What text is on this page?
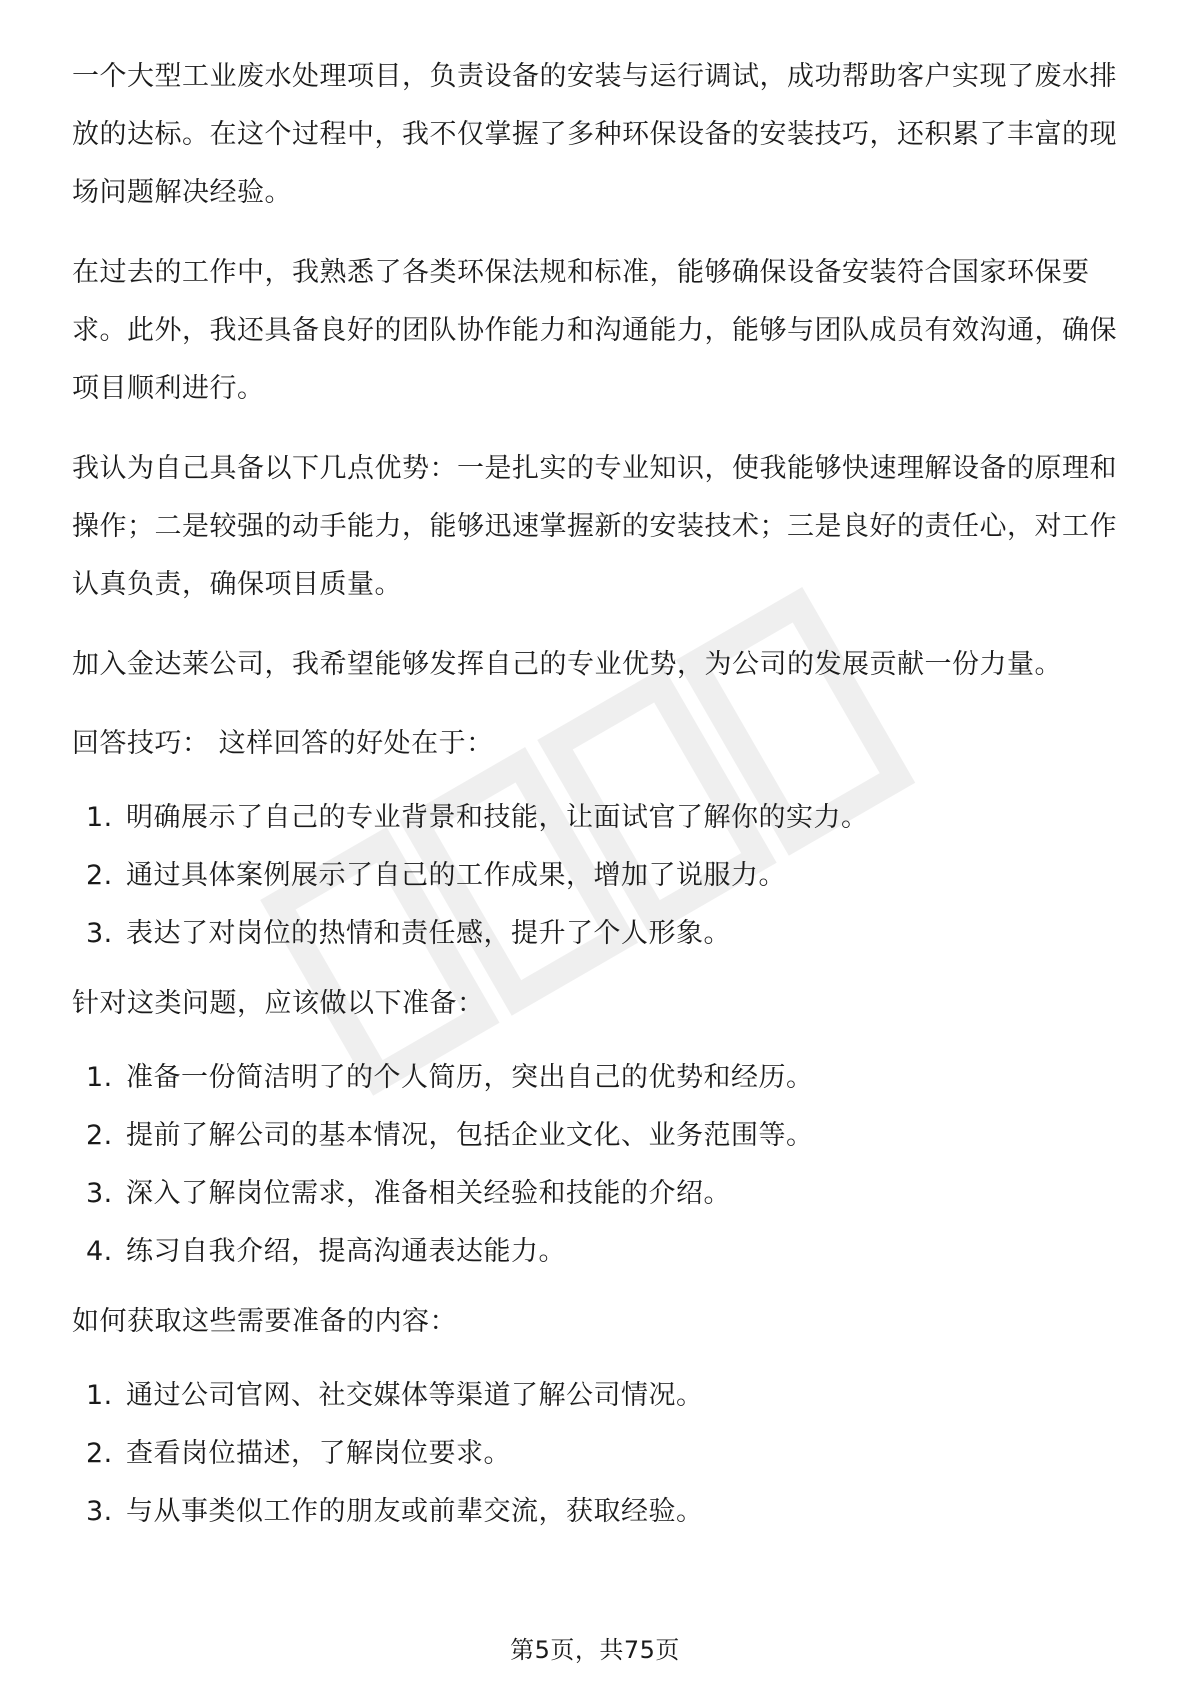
一个大型工业废水处理项目，负责设备的安装与运行调试，成功帮助客户实现了废水排放的达标。在这个过程中，我不仅掌握了多种环保设备的安装技巧，还积累了丰富的现场问题解决经验。

在过去的工作中，我熟悉了各类环保法规和标准，能够确保设备安装符合国家环保要求。此外，我还具备良好的团队协作能力和沟通能力，能够与团队成员有效沟通，确保项目顺利进行。

我认为自己具备以下几点优势：一是扎实的专业知识，使我能够快速理解设备的原理和操作；二是较强的动手能力，能够迅速掌握新的安装技术；三是良好的责任心，对工作认真负责，确保项目质量。

加入金达莱公司，我希望能够发挥自己的专业优势，为公司的发展贡献一份力量。

回答技巧： 这样回答的好处在于：

1. 明确展示了自己的专业背景和技能，让面试官了解你的实力。
2. 通过具体案例展示了自己的工作成果，增加了说服力。
3. 表达了对岗位的热情和责任感，提升了个人形象。

针对这类问题，应该做以下准备：

1. 准备一份简洁明了的个人简历，突出自己的优势和经历。
2. 提前了解公司的基本情况，包括企业文化、业务范围等。
3. 深入了解岗位需求，准备相关经验和技能的介绍。
4. 练习自我介绍，提高沟通表达能力。

如何获取这些需要准备的内容：

1. 通过公司官网、社交媒体等渠道了解公司情况。
2. 查看岗位描述，了解岗位要求。
3. 与从事类似工作的朋友或前辈交流，获取经验。
第5页，共75页
